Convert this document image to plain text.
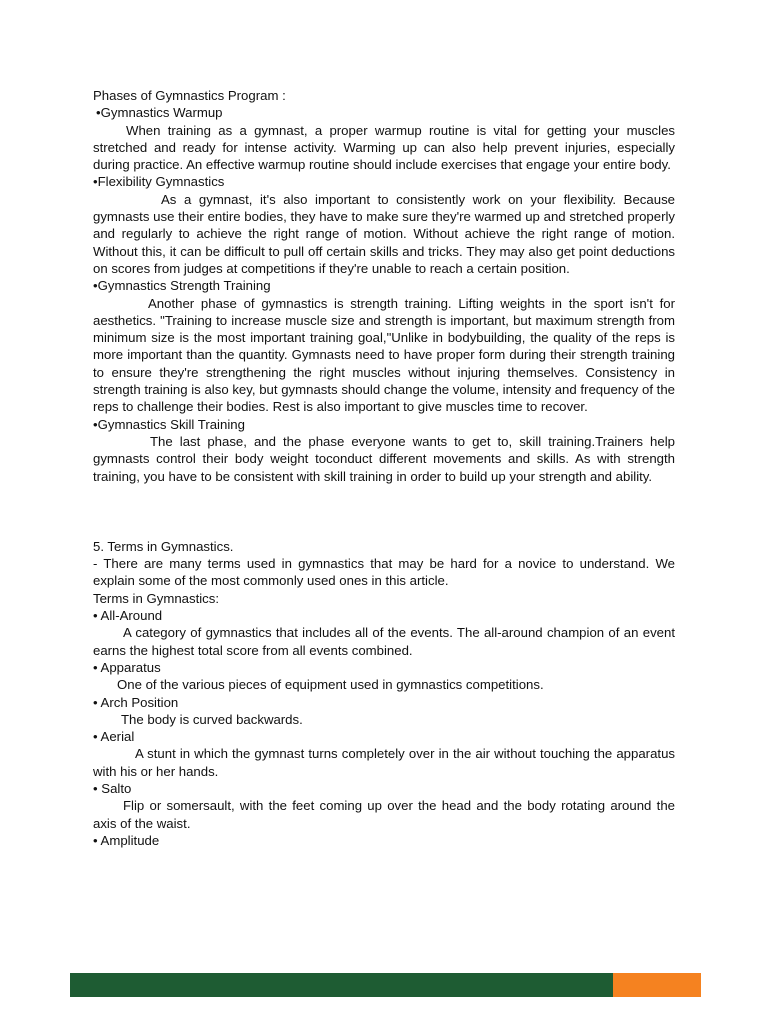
Phases of Gymnastics Program :

•Gymnastics Warmup

When training as a gymnast, a proper warmup routine is vital for getting your muscles stretched and ready for intense activity. Warming up can also help prevent injuries, especially during practice. An effective warmup routine should include exercises that engage your entire body.

•Flexibility Gymnastics

As a gymnast, it's also important to consistently work on your flexibility. Because gymnasts use their entire bodies, they have to make sure they're warmed up and stretched properly and regularly to achieve the right range of motion. Without achieve the right range of motion. Without this, it can be difficult to pull off certain skills and tricks. They may also get point deductions on scores from judges at competitions if they're unable to reach a certain position.

•Gymnastics Strength Training

Another phase of gymnastics is strength training. Lifting weights in the sport isn't for aesthetics. "Training to increase muscle size and strength is important, but maximum strength from minimum size is the most important training goal,"Unlike in bodybuilding, the quality of the reps is more important than the quantity. Gymnasts need to have proper form during their strength training to ensure they're strengthening the right muscles without injuring themselves. Consistency in strength training is also key, but gymnasts should change the volume, intensity and frequency of the reps to challenge their bodies. Rest is also important to give muscles time to recover.

•Gymnastics Skill Training

The last phase, and the phase everyone wants to get to, skill training.Trainers help gymnasts control their body weight toconduct different movements and skills. As with strength training, you have to be consistent with skill training in order to build up your strength and ability.

5. Terms in Gymnastics.

- There are many terms used in gymnastics that may be hard for a novice to understand. We explain some of the most commonly used ones in this article.

Terms in Gymnastics:

• All-Around

A category of gymnastics that includes all of the events. The all-around champion of an event earns the highest total score from all events combined.

• Apparatus

One of the various pieces of equipment used in gymnastics competitions.

• Arch Position

The body is curved backwards.

• Aerial

A stunt in which the gymnast turns completely over in the air without touching the apparatus with his or her hands.

• Salto

Flip or somersault, with the feet coming up over the head and the body rotating around the axis of the waist.

• Amplitude
